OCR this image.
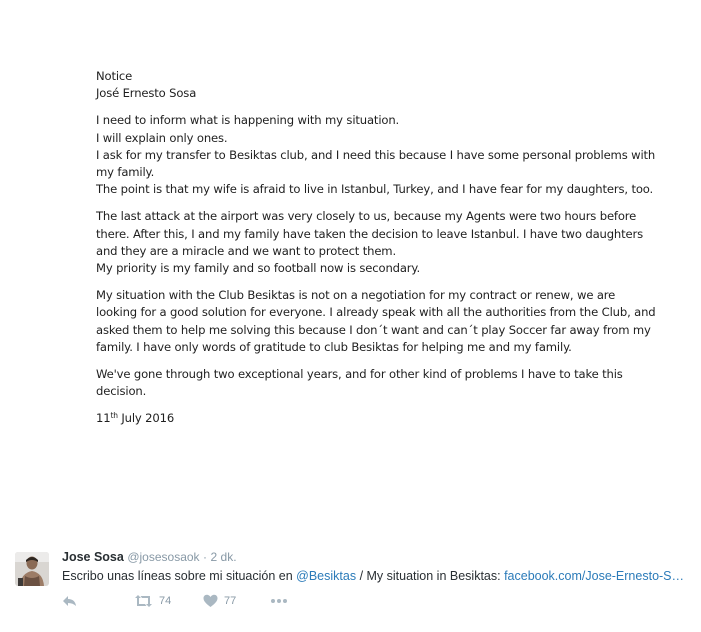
Notice

José Ernesto Sosa

I need to inform what is happening with my situation.

I will explain only ones.

I ask for my transfer to Besiktas club, and I need this because I have some personal problems with

my family.

The point is that my wife is afraid to live in Istanbul, Turkey, and I have fear for my daughters, too.

The last attack at the airport was very closely to us, because my Agents were two hours before

there. After this, I and my family have taken the decision to leave Istanbul. I have two daughters

and they are a miracle and we want to protect them.

My priority is my family and so football now is secondary.

My situation with the Club Besiktas is not on a negotiation for my contract or renew, we are

looking for a good solution for everyone. I already speak with all the authorities from the Club, and

asked them to help me solving this because I don´t want and can´t play Soccer far away from my

family. I have only words of gratitude to club Besiktas for helping me and my family.

We've gone through two exceptional years, and for other kind of problems I have to take this

decision.

11th July 2016

Jose Sosa @josesosaok · 2 dk.
Escribo unas líneas sobre mi situación en @Besiktas / My situation in Besiktas: facebook.com/Jose-Ernesto-S…
74	77
